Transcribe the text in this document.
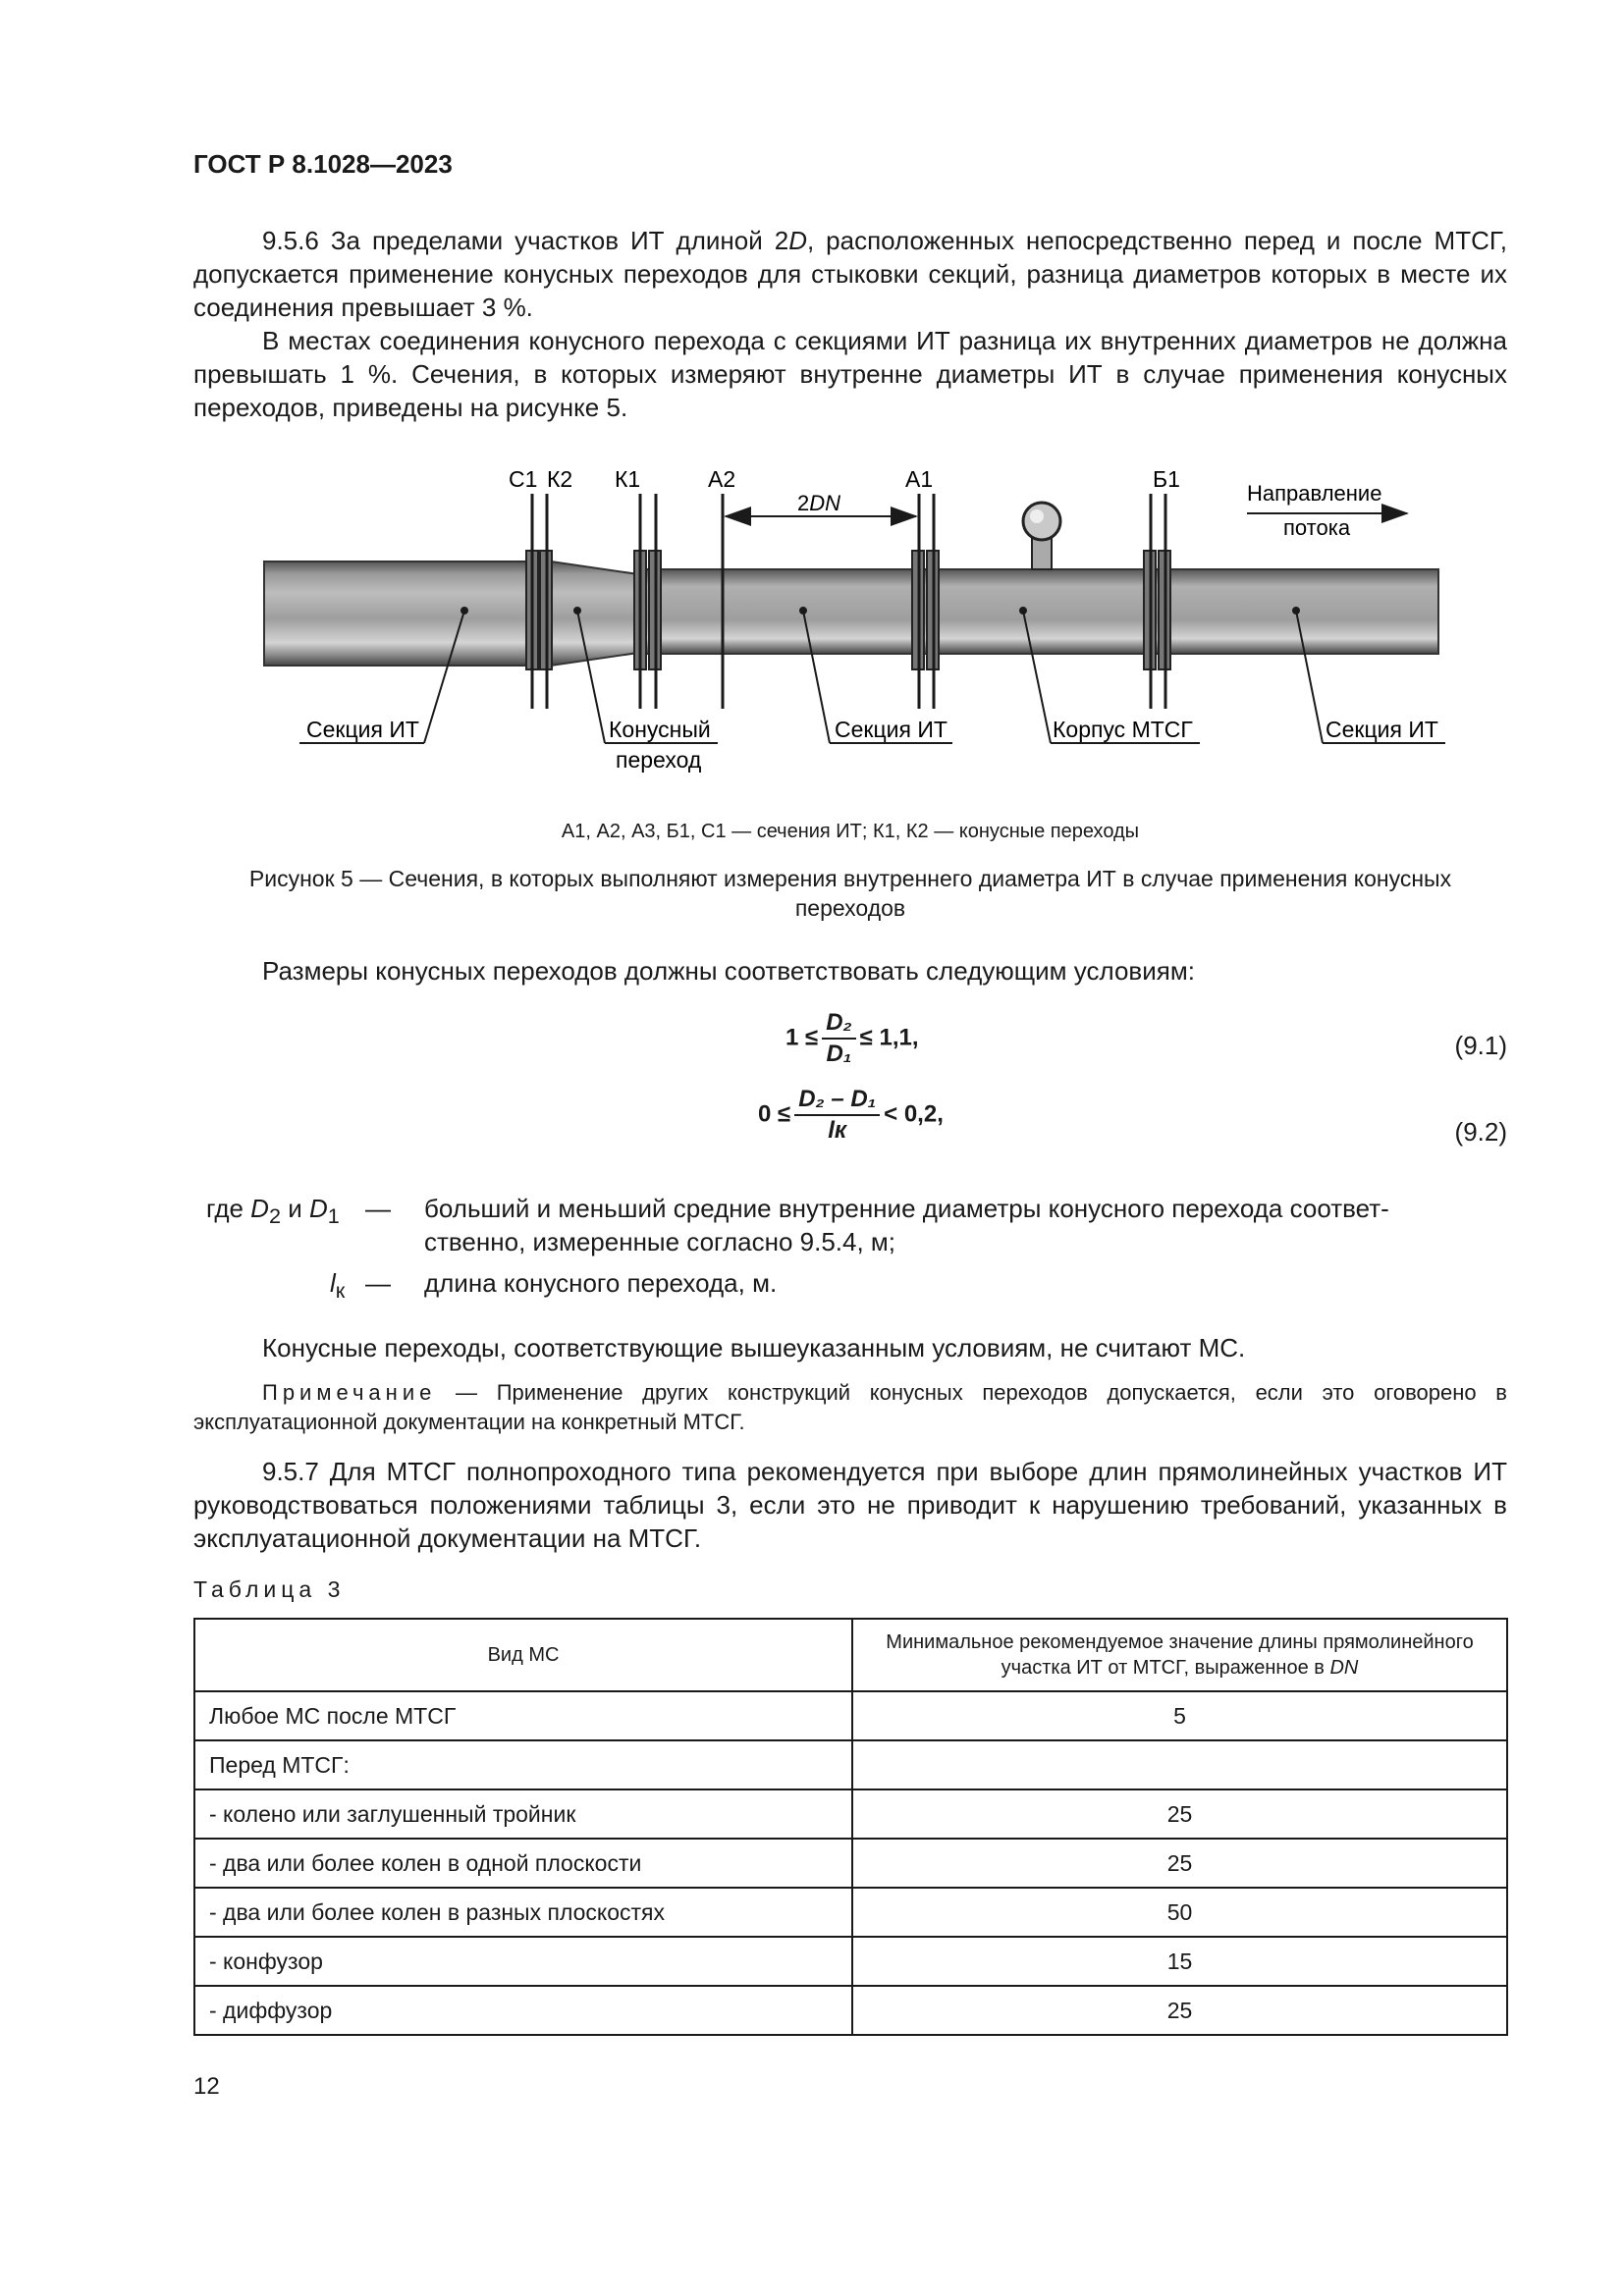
ГОСТ Р 8.1028—2023
9.5.6 За пределами участков ИТ длиной 2D, расположенных непосредственно перед и после МТСГ, допускается применение конусных переходов для стыковки секций, разница диаметров которых в месте их соединения превышает 3 %.
В местах соединения конусного перехода с секциями ИТ разница их внутренних диаметров не должна превышать 1 %. Сечения, в которых измеряют внутренне диаметры ИТ в случае применения конусных переходов, приведены на рисунке 5.
С1 К2 К1	А2	А1	Б1
2DN	Направление
потока
Секция ИТ	Конусный
переход
Секция ИТ	Корпус МТСГ	Секция ИТ
А1, А2, А3, Б1, С1 — сечения ИТ; К1, К2 — конусные переходы
Рисунок 5 — Сечения, в которых выполняют измерения внутреннего диаметра ИТ в случае применения конусных переходов
Размеры конусных переходов должны соответствовать следующим условиям:
$1 \le \frac{\text{D₂}}{\text{D₁}} \le 1,1$,	(9.1)
$0 \le \frac{\text{D₂ – D₁}}{lк} < 0,2$,
(9.2)
где $D_2$ и $D_1$ — больший и меньший средние внутренние диаметры конусного перехода соответ-
ственно, измеренные согласно 9.5.4, м;
$l_к$ — длина конусного перехода, м.
Конусные переходы, соответствующие вышеуказанным условиям, не считают МС.
Примечание — Применение других конструкций конусных переходов допускается, если это оговорено в эксплуатационной документации на конкретный МТСГ.
9.5.7 Для МТСГ полнопроходного типа рекомендуется при выборе длин прямолинейных участков ИТ руководствоваться положениями таблицы 3, если это не приводит к нарушению требований, указанных в эксплуатационной документации на МТСГ.
Таблица 3
Вид МС	Минимальное рекомендуемое значение длины прямолинейного участка ИТ от МТСГ, выраженное в DN
Любое МС после МТСГ	5
Перед МТСГ:	
- колено или заглушенный тройник	25
- два или более колен в одной плоскости	25
- два или более колен в разных плоскостях	50
- конфузор	15
- диффузор	25
12
